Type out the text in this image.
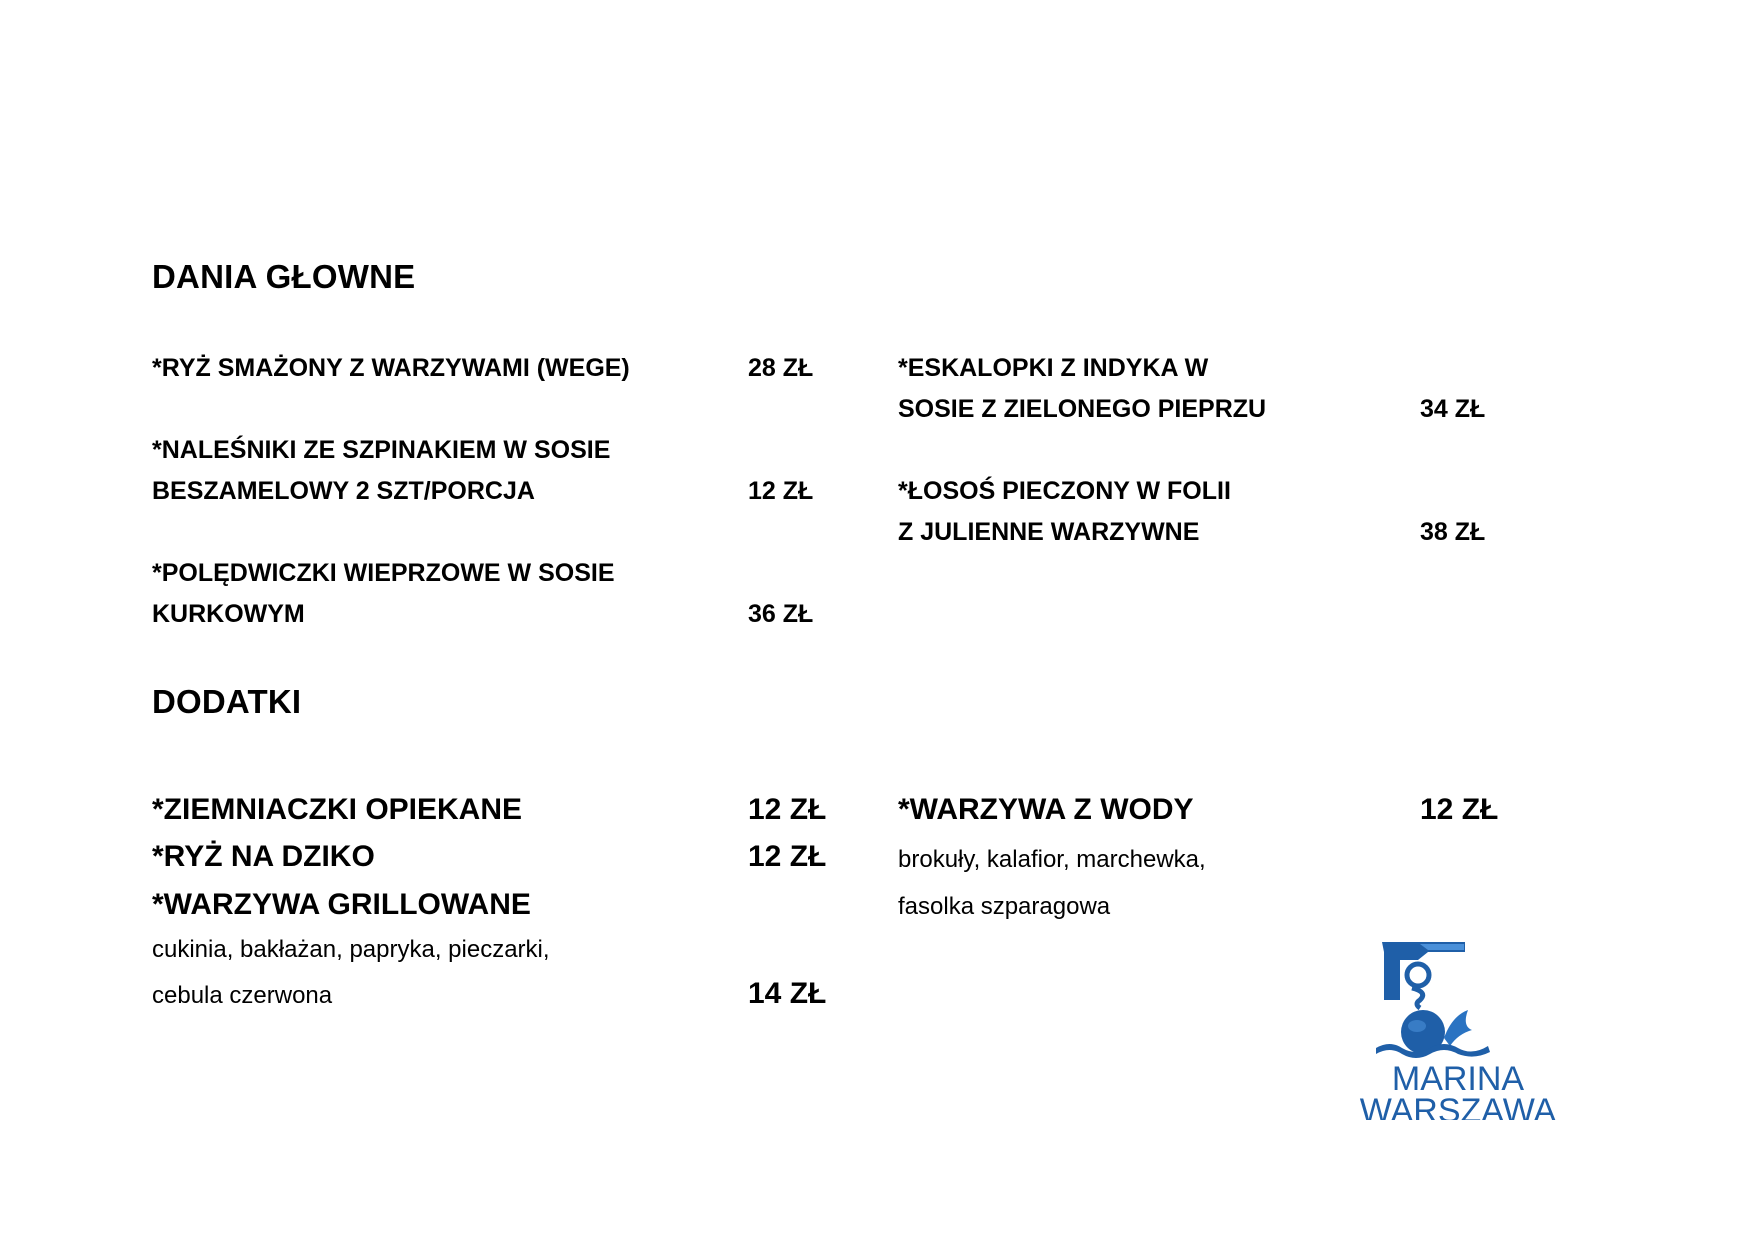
DANIA GŁOWNE
*RYŻ SMAŻONY Z WARZYWAMI (WEGE)	28 ZŁ
*NALEŚNIKI ZE SZPINAKIEM W SOSIE
BESZAMELOWY 2 SZT/PORCJA	12 ZŁ
*POLĘDWICZKI WIEPRZOWE W SOSIE
KURKOWYM	36 ZŁ
*ESKALOPKI Z INDYKA W
SOSIE Z ZIELONEGO PIEPRZU	34 ZŁ
*ŁOSOŚ PIECZONY W FOLII
Z JULIENNE WARZYWNE	38 ZŁ
DODATKI
*ZIEMNIACZKI OPIEKANE	12 ZŁ
*RYŻ NA DZIKO	12 ZŁ
*WARZYWA GRILLOWANE
cukinia, bakłażan, papryka, pieczarki,
cebula czerwona	14 ZŁ
*WARZYWA Z WODY	12 ZŁ
brokuły, kalafior, marchewka,
fasolka szparagowa
MARINA
WARSZAWA
